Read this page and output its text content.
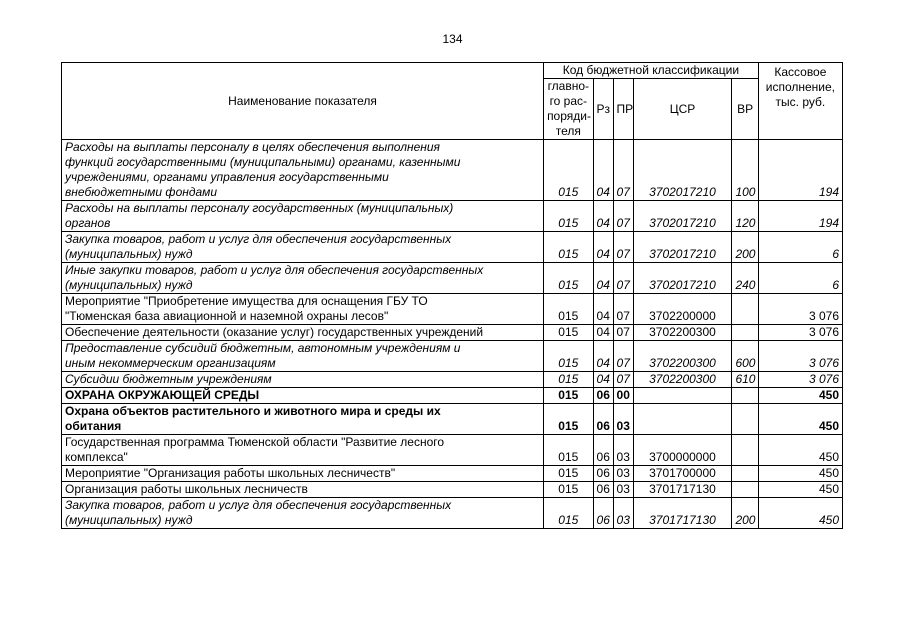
134
Наименование показателя	Код бюджетной классификации					Кассовое
исполнение,
тыс. руб.

	главно-
го рас-
поряди-
теля	Рз	ПР	ЦСР	ВР	

Расходы на выплаты персоналу в целях обеспечения выполнения
функций государственными (муниципальными) органами, казенными
учреждениями, органами управления государственными
внебюджетными фондами	015	04	07	3702017210	100	194

Расходы на выплаты персоналу государственных (муниципальных)
органов	015	04	07	3702017210	120	194

Закупка товаров, работ и услуг для обеспечения государственных
(муниципальных) нужд	015	04	07	3702017210	200	6

Иные закупки товаров, работ и услуг для обеспечения государственных
(муниципальных) нужд	015	04	07	3702017210	240	6

Мероприятие "Приобретение имущества для оснащения ГБУ ТО
"Тюменская база авиационной и наземной охраны лесов"	015	04	07	3702200000		3 076

Обеспечение деятельности (оказание услуг) государственных учреждений	015	04	07	3702200300		3 076

Предоставление субсидий бюджетным, автономным учреждениям и
иным некоммерческим организациям	015	04	07	3702200300	600	3 076

Субсидии бюджетным учреждениям	015	04	07	3702200300	610	3 076

ОХРАНА ОКРУЖАЮЩЕЙ СРЕДЫ	015	06	00			450

Охрана объектов растительного и животного мира и среды их
обитания	015	06	03			450

Государственная программа Тюменской области "Развитие лесного
комплекса"	015	06	03	3700000000		450

Мероприятие "Организация работы школьных лесничеств"	015	06	03	3701700000		450

Организация работы школьных лесничеств	015	06	03	3701717130		450

Закупка товаров, работ и услуг для обеспечения государственных
(муниципальных) нужд	015	06	03	3701717130	200	450
